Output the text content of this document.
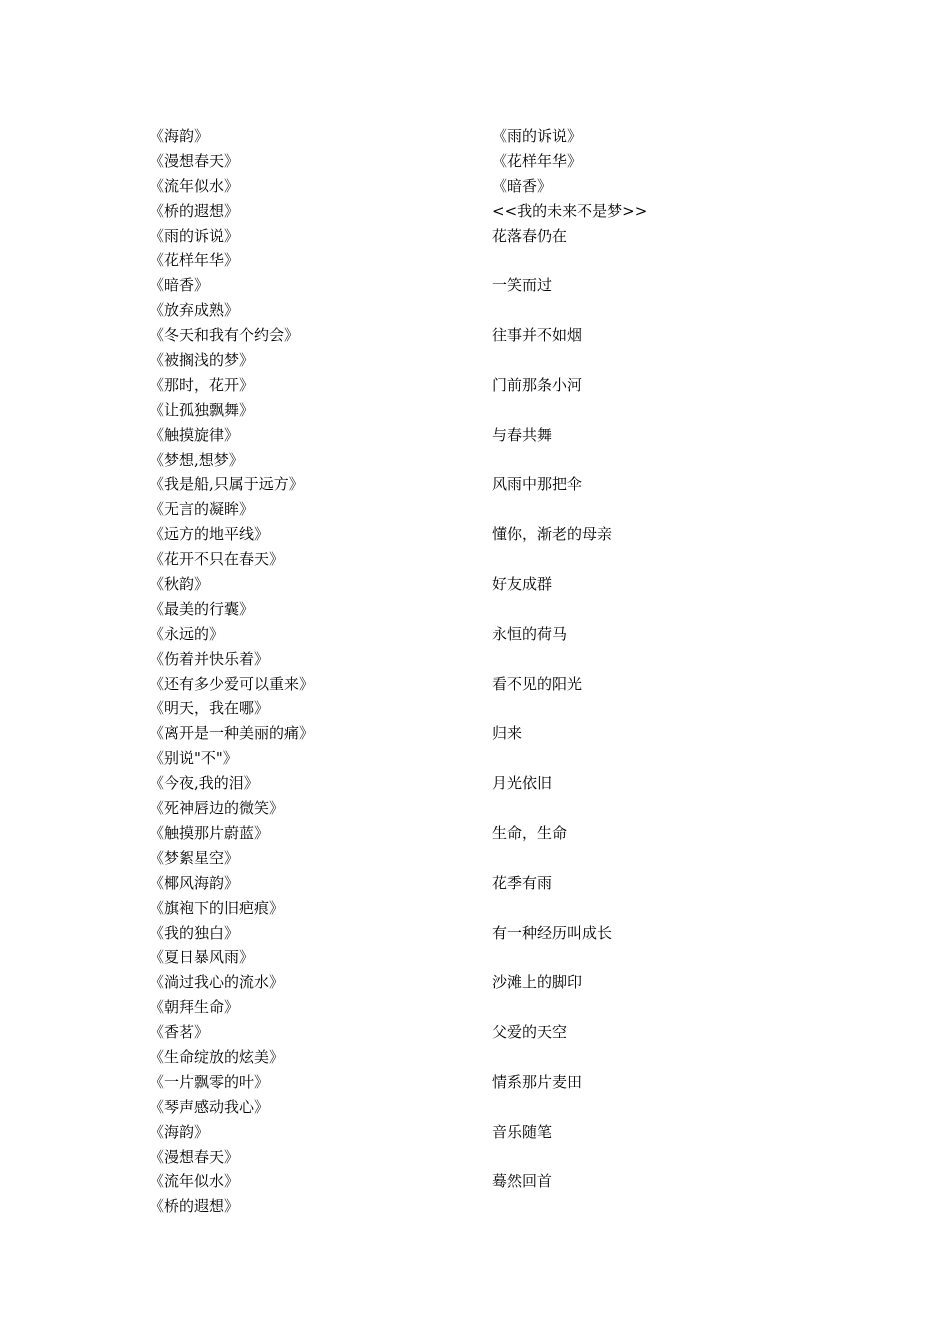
《海韵》
《漫想春天》
《流年似水》
《桥的遐想》
《雨的诉说》
《花样年华》
《暗香》
《放弃成熟》
《冬天和我有个约会》
《被搁浅的梦》
《那时，花开》
《让孤独飘舞》
《触摸旋律》
《梦想,想梦》
《我是船,只属于远方》
《无言的凝眸》
《远方的地平线》
《花开不只在春天》
《秋韵》
《最美的行囊》
《永远的》
《伤着并快乐着》
《还有多少爱可以重来》
《明天，我在哪》
《离开是一种美丽的痛》
《别说"不"》
《今夜,我的泪》
《死神唇边的微笑》
《触摸那片蔚蓝》
《梦絮星空》
《椰风海韵》
《旗袍下的旧疤痕》
《我的独白》
《夏日暴风雨》
《淌过我心的流水》
《朝拜生命》
《香茗》
《生命绽放的炫美》
《一片飘零的叶》
《琴声感动我心》
《海韵》
《漫想春天》
《流年似水》
《桥的遐想》
《雨的诉说》
《花样年华》
《暗香》
<<我的未来不是梦>>
花落春仍在
一笑而过
往事并不如烟
门前那条小河
与春共舞
风雨中那把伞
懂你，渐老的母亲
好友成群
永恒的荷马
看不见的阳光
归来
月光依旧
生命，生命
花季有雨
有一种经历叫成长
沙滩上的脚印
父爱的天空
情系那片麦田
音乐随笔
蓦然回首
